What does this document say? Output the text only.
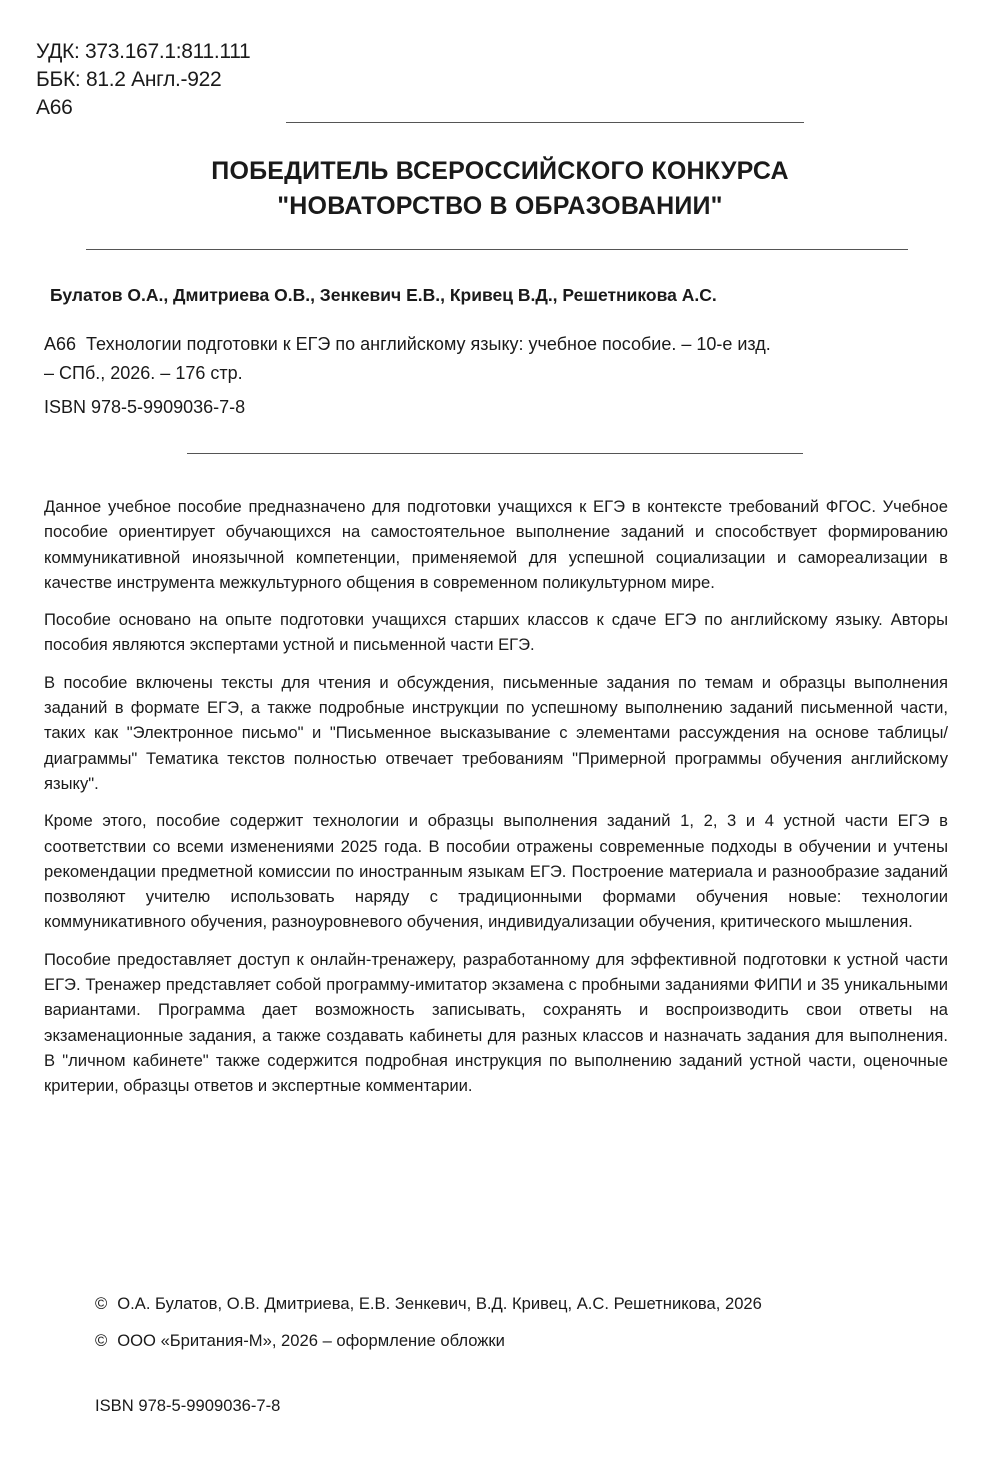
УДК: 373.167.1:811.111
ББК: 81.2 Англ.-922
А66
ПОБЕДИТЕЛЬ ВСЕРОССИЙСКОГО КОНКУРСА
"НОВАТОРСТВО В ОБРАЗОВАНИИ"
Булатов О.А., Дмитриева О.В., Зенкевич Е.В., Кривец В.Д., Решетникова А.С.
А66 Технологии подготовки к ЕГЭ по английскому языку: учебное пособие. – 10-е изд.
– СПб., 2026. – 176 стр.
ISBN 978-5-9909036-7-8

Данное учебное пособие предназначено для подготовки учащихся к ЕГЭ в контексте требований ФГОС. Учебное пособие ориентирует обучающихся на самостоятельное выполнение заданий и способствует формированию коммуникативной иноязычной компетенции, применяемой для успешной социализации и самореализации в качестве инструмента межкультурного общения в современном поликультурном мире.

Пособие основано на опыте подготовки учащихся старших классов к сдаче ЕГЭ по английскому языку. Авторы пособия являются экспертами устной и письменной части ЕГЭ.

В пособие включены тексты для чтения и обсуждения, письменные задания по темам и образцы выполнения заданий в формате ЕГЭ, а также подробные инструкции по успешному выполнению заданий письменной части, таких как "Электронное письмо" и "Письменное высказывание с элементами рассуждения на основе таблицы/диаграммы" Тематика текстов полностью отвечает требованиям "Примерной программы обучения английскому языку".

Кроме этого, пособие содержит технологии и образцы выполнения заданий 1, 2, 3 и 4 устной части ЕГЭ в соответствии со всеми изменениями 2025 года. В пособии отражены современные подходы в обучении и учтены рекомендации предметной комиссии по иностранным языкам ЕГЭ. Построение материала и разнообразие заданий позволяют учителю использовать наряду с традиционными формами обучения новые: технологии коммуникативного обучения, разноуровневого обучения, индивидуализации обучения, критического мышления.

Пособие предоставляет доступ к онлайн-тренажеру, разработанному для эффективной подготовки к устной части ЕГЭ. Тренажер представляет собой программу-имитатор экзамена с пробными заданиями ФИПИ и 35 уникальными вариантами. Программа дает возможность записывать, сохранять и воспроизводить свои ответы на экзаменационные задания, а также создавать кабинеты для разных классов и назначать задания для выполнения. В "личном кабинете" также содержится подробная инструкция по выполнению заданий устной части, оценочные критерии, образцы ответов и экспертные комментарии.

© О.А. Булатов, О.В. Дмитриева, Е.В. Зенкевич, В.Д. Кривец, А.С. Решетникова, 2026
© ООО «Британия-М», 2026 – оформление обложки
ISBN 978-5-9909036-7-8
